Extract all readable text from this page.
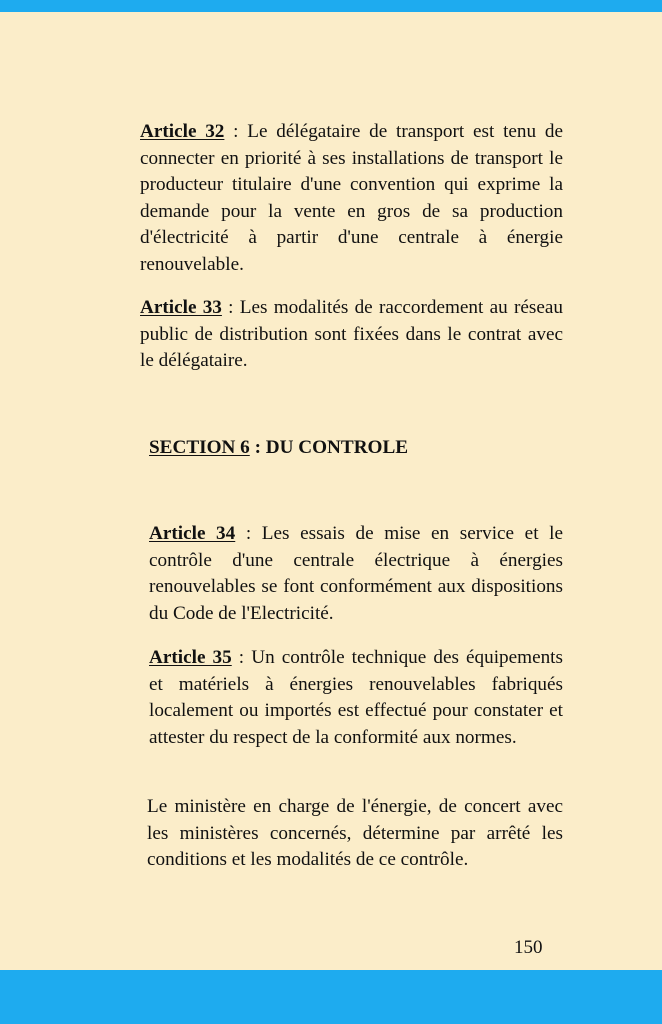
Article 32 : Le délégataire de transport est tenu de connecter en priorité à ses installations de transport le producteur titulaire d'une convention qui exprime la demande pour la vente en gros de sa production d'électricité à partir d'une centrale à énergie renouvelable.

Article 33 : Les modalités de raccordement au réseau public de distribution sont fixées dans le contrat avec le délégataire.

SECTION 6 : DU CONTROLE

Article 34 : Les essais de mise en service et le contrôle d'une centrale électrique à énergies renouvelables se font conformément aux dispositions du Code de l'Electricité.

Article 35 : Un contrôle technique des équipements et matériels à énergies renouvelables fabriqués localement ou importés est effectué pour constater et attester du respect de la conformité aux normes.

Le ministère en charge de l'énergie, de concert avec les ministères concernés, détermine par arrêté les conditions et les modalités de ce contrôle.

150
